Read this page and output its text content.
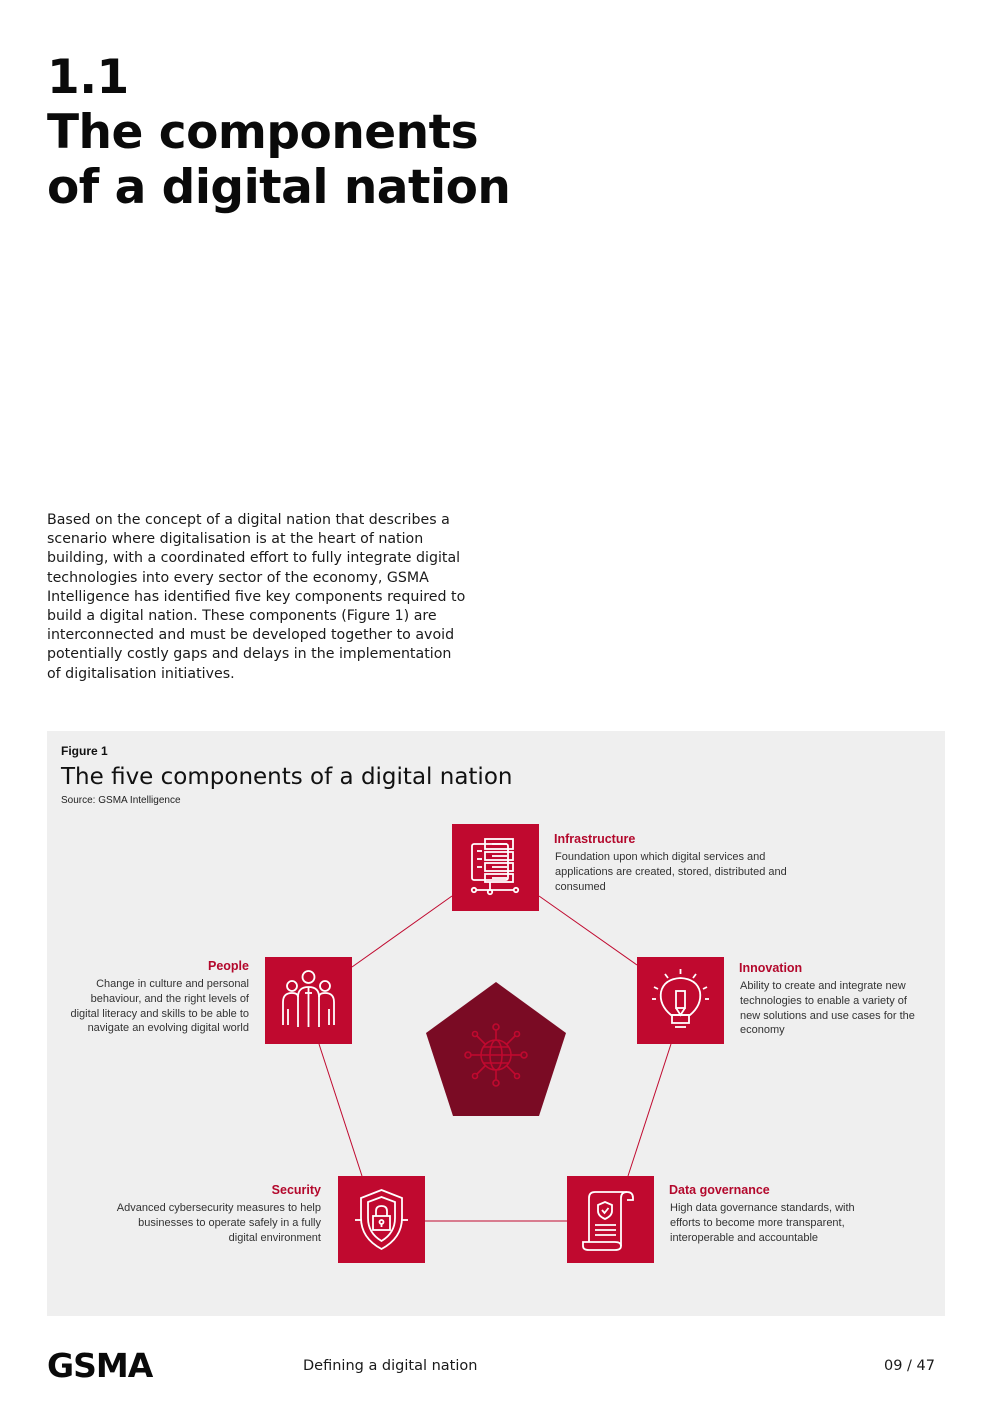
1.1
The components
of a digital nation

Based on the concept of a digital nation that describes a scenario where digitalisation is at the heart of nation building, with a coordinated effort to fully integrate digital technologies into every sector of the economy, GSMA Intelligence has identified five key components required to build a digital nation. These components (Figure 1) are interconnected and must be developed together to avoid potentially costly gaps and delays in the implementation of digitalisation initiatives.

Figure 1
The five components of a digital nation
Source: GSMA Intelligence
Infrastructure

Foundation upon which digital services and applications are created, stored, distributed and consumed

People

Change in culture and personal behaviour, and the right levels of digital literacy and skills to be able to navigate an evolving digital world

Innovation

Ability to create and integrate new technologies to enable a variety of new solutions and use cases for the economy

Security

Advanced cybersecurity measures to help businesses to operate safely in a fully digital environment

Data governance

High data governance standards, with efforts to become more transparent, interoperable and accountable

GSMA	Defining a digital nation	09 / 47
